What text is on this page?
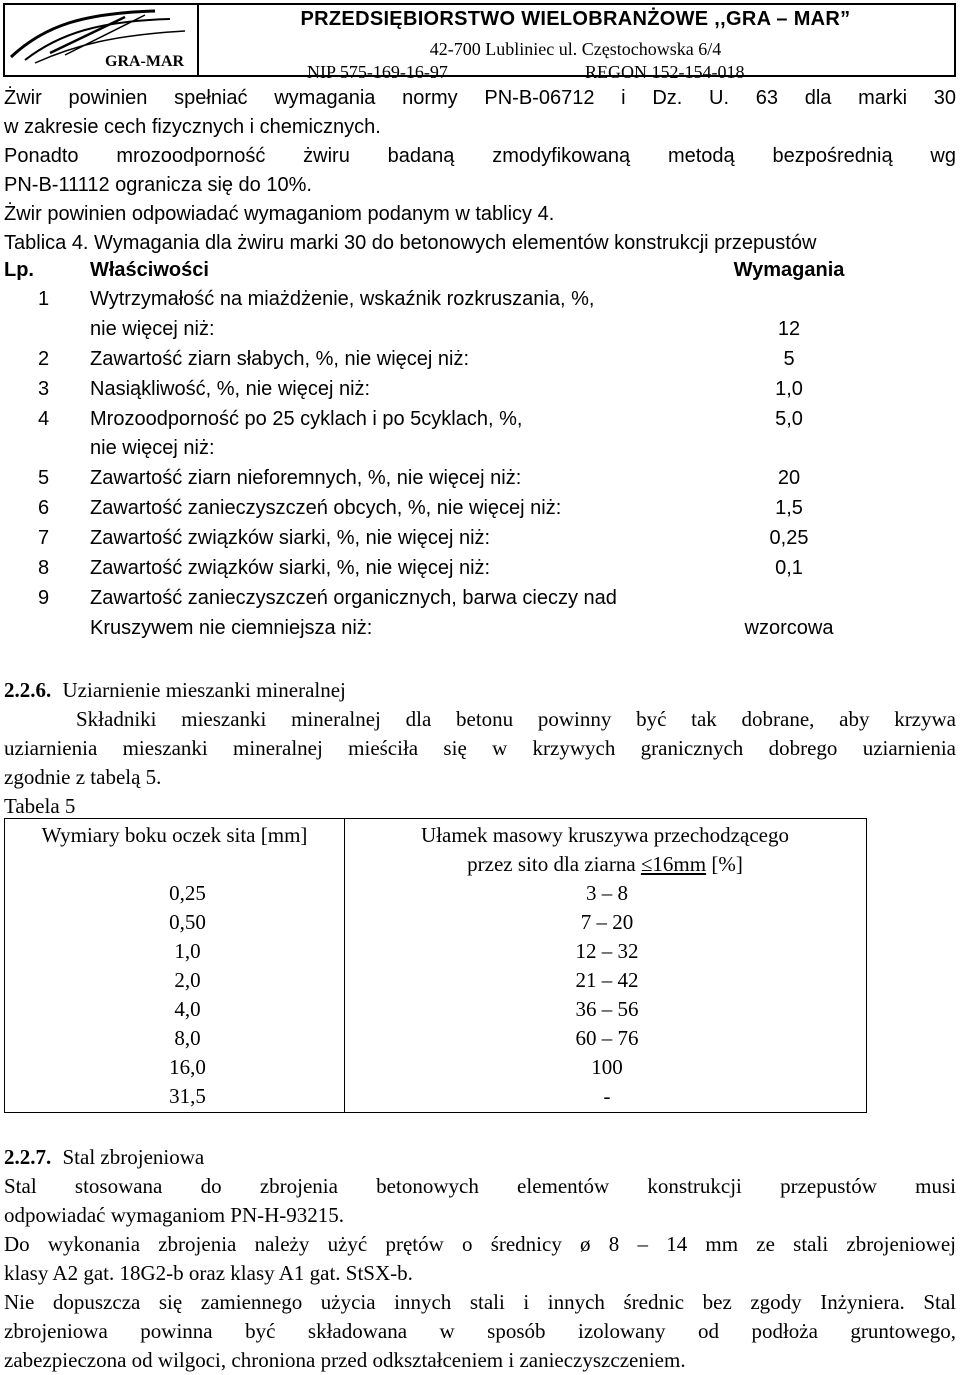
GRA-MAR
PRZEDSIĘBIORSTWO WIELOBRANŻOWE ,,GRA – MAR”
42-700 Lubliniec ul. Częstochowska 6/4
NIP 575-169-16-97	REGON 152-154-018
Żwir powinien spełniać wymagania normy PN-B-06712 i Dz. U. 63 dla marki 30
w zakresie cech fizycznych i chemicznych.
Ponadto mrozoodporność żwiru badaną zmodyfikowaną metodą bezpośrednią wg
PN-B-11112 ogranicza się do 10%.
Żwir powinien odpowiadać wymaganiom podanym w tablicy 4.
Tablica 4. Wymagania dla żwiru marki 30 do betonowych elementów konstrukcji przepustów
Lp.	Właściwości	Wymagania
1 Wytrzymałość na miażdżenie, wskaźnik rozkruszania, %,
nie więcej niż:	12
2 Zawartość ziarn słabych, %, nie więcej niż:	5
3 Nasiąkliwość, %, nie więcej niż:	1,0
4 Mrozoodporność po 25 cyklach i po 5cyklach, %,	5,0
nie więcej niż:
5 Zawartość ziarn nieforemnych, %, nie więcej niż:	20
6 Zawartość zanieczyszczeń obcych, %, nie więcej niż:	1,5
7 Zawartość związków siarki, %, nie więcej niż:	0,25
8 Zawartość związków siarki, %, nie więcej niż:	0,1
9 Zawartość zanieczyszczeń organicznych, barwa cieczy nad
Kruszywem nie ciemniejsza niż:	wzorcowa
2.2.6. Uziarnienie mieszanki mineralnej
Składniki mieszanki mineralnej dla betonu powinny być tak dobrane, aby krzywa
uziarnienia mieszanki mineralnej mieściła się w krzywych granicznych dobrego uziarnienia
zgodnie z tabelą 5.
Tabela 5
Wymiary boku oczek sita [mm]	Ułamek masowy kruszywa przechodzącego
przez sito dla ziarna ≤16mm [%]
0,25	3 – 8
0,50	7 – 20
1,0	12 – 32
2,0	21 – 42
4,0	36 – 56
8,0	60 – 76
16,0	100
31,5	-
2.2.7. Stal zbrojeniowa
Stal stosowana do zbrojenia betonowych elementów konstrukcji przepustów musi
odpowiadać wymaganiom PN-H-93215.
Do wykonania zbrojenia należy użyć prętów o średnicy ø 8 – 14 mm ze stali zbrojeniowej
klasy A2 gat. 18G2-b oraz klasy A1 gat. StSX-b.
Nie dopuszcza się zamiennego użycia innych stali i innych średnic bez zgody Inżyniera. Stal
zbrojeniowa powinna być składowana w sposób izolowany od podłoża gruntowego,
zabezpieczona od wilgoci, chroniona przed odkształceniem i zanieczyszczeniem.
